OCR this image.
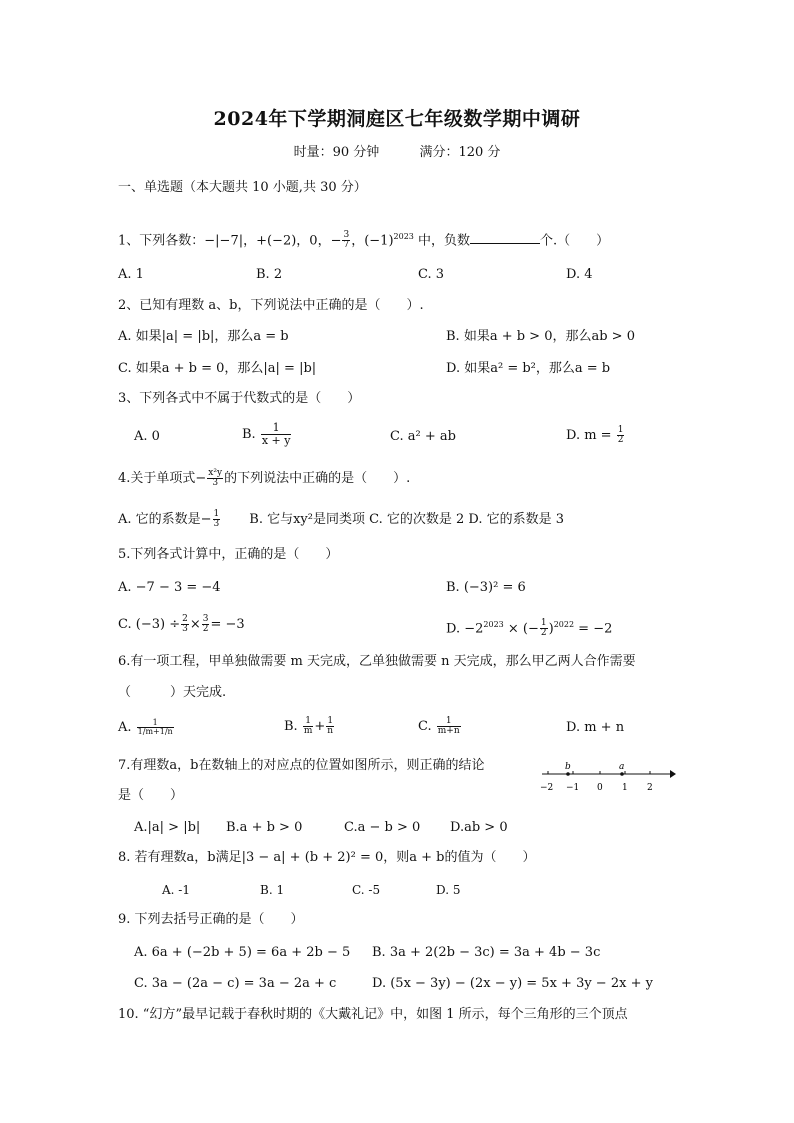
2024年下学期洞庭区七年级数学期中调研
时量：90 分钟	满分：120 分
一、单选题（本大题共 10 小题,共 30 分）
1、下列各数：−|−7|，+(−2)，0，− $\frac{3}{7}$ ，$(-1)^{2023}$ 中，负数	个.（　　）
A. 1	B. 2	C. 3	D. 4
2、已知有理数 a、b，下列说法中正确的是（　　）.
A. 如果|a| = |b|，那么a = b	B. 如果a + b > 0，那么ab > 0
C. 如果a + b = 0，那么|a| = |b|	D. 如果a² = b²，那么a = b
3、下列各式中不属于代数式的是（　　）
A. 0	B. $\frac{1}{x + y}$	C. a² + ab	D. $m = \frac{1}{2}$
4.关于单项式− $\frac{\text{x²y}}{3}$ 的下列说法中正确的是（　　）.
A. 它的系数是− $\frac{1}{3} B$. 它与xy²是同类项 C. 它的次数是 2 D. 它的系数是 3
5.下列各式计算中，正确的是（　　）
A. −7 − 3 = −4	B. (−3)² = 6
C. $(-3) \div \frac{2}{3} \times \frac{3}{2} = -3$	D. $-2^{2023}$ × (− $\frac{1}{2} )^{2022} = -2$
6.有一项工程，甲单独做需要 m 天完成，乙单独做需要 n 天完成，那么甲乙两人合作需要
（　　　）天完成.
A. $\frac{1}{1/m+1/n}$	B. $\frac{1}{m} + \frac{1}{n}$	C. $\frac{1}{m+n}$	D. m + n
7.有理数a，b在数轴上的对应点的位置如图所示，则正确的结论
是（　　）
b	a
−2 −1 0 1 2
A.|a| > |b| B.a + b > 0	C.a − b > 0 D.ab > 0
8. 若有理数a，b满足|3 − a| + (b + 2)² = 0，则a + b的值为（　　）
A. -1	B. 1	C. -5	D. 5
9. 下列去括号正确的是（　　）
A. 6a + (−2b + 5) = 6a + 2b − 5 B. 3a + 2(2b − 3c) = 3a + 4b − 3c
C. 3a − (2a − c) = 3a − 2a + c	D. (5x − 3y) − (2x − y) = 5x + 3y − 2x + y
10. “幻方”最早记载于春秋时期的《大戴礼记》中，如图 1 所示，每个三角形的三个顶点
